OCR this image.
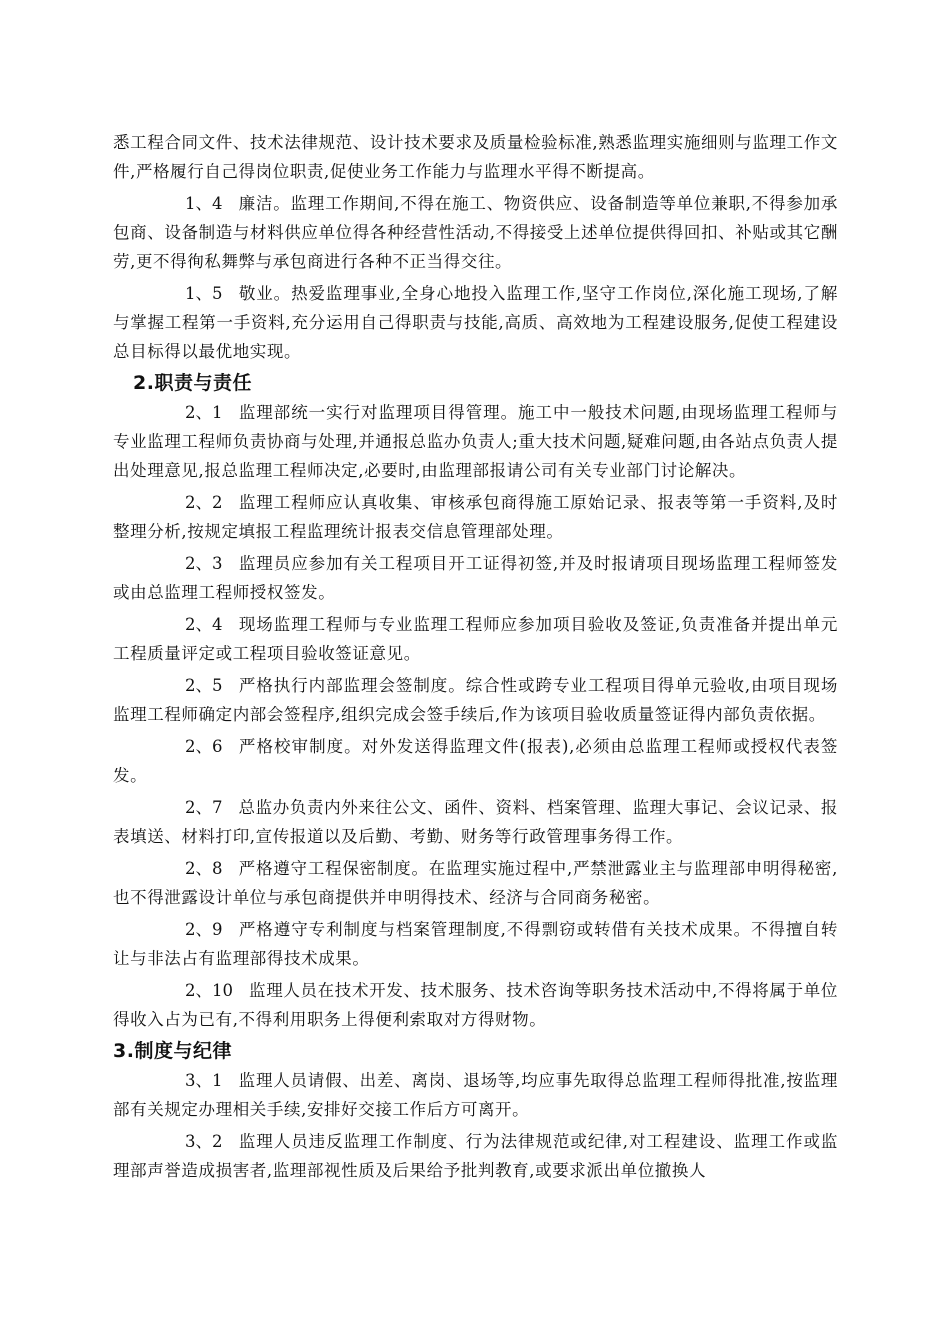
悉工程合同文件、技术法律规范、设计技术要求及质量检验标准,熟悉监理实施细则与监理工作文件,严格履行自己得岗位职责,促使业务工作能力与监理水平得不断提高。

1、4 廉洁。监理工作期间,不得在施工、物资供应、设备制造等单位兼职,不得参加承包商、设备制造与材料供应单位得各种经营性活动,不得接受上述单位提供得回扣、补贴或其它酬劳,更不得徇私舞弊与承包商进行各种不正当得交往。

1、5 敬业。热爱监理事业,全身心地投入监理工作,坚守工作岗位,深化施工现场,了解与掌握工程第一手资料,充分运用自己得职责与技能,高质、高效地为工程建设服务,促使工程建设总目标得以最优地实现。

2.职责与责任

2、1 监理部统一实行对监理项目得管理。施工中一般技术问题,由现场监理工程师与专业监理工程师负责协商与处理,并通报总监办负责人;重大技术问题,疑难问题,由各站点负责人提出处理意见,报总监理工程师决定,必要时,由监理部报请公司有关专业部门讨论解决。

2、2 监理工程师应认真收集、审核承包商得施工原始记录、报表等第一手资料,及时整理分析,按规定填报工程监理统计报表交信息管理部处理。

2、3 监理员应参加有关工程项目开工证得初签,并及时报请项目现场监理工程师签发或由总监理工程师授权签发。

2、4 现场监理工程师与专业监理工程师应参加项目验收及签证,负责准备并提出单元工程质量评定或工程项目验收签证意见。

2、5 严格执行内部监理会签制度。综合性或跨专业工程项目得单元验收,由项目现场监理工程师确定内部会签程序,组织完成会签手续后,作为该项目验收质量签证得内部负责依据。

2、6 严格校审制度。对外发送得监理文件(报表),必须由总监理工程师或授权代表签发。

2、7 总监办负责内外来往公文、函件、资料、档案管理、监理大事记、会议记录、报表填送、材料打印,宣传报道以及后勤、考勤、财务等行政管理事务得工作。

2、8 严格遵守工程保密制度。在监理实施过程中,严禁泄露业主与监理部申明得秘密,也不得泄露设计单位与承包商提供并申明得技术、经济与合同商务秘密。

2、9 严格遵守专利制度与档案管理制度,不得剽窃或转借有关技术成果。不得擅自转让与非法占有监理部得技术成果。

2、10 监理人员在技术开发、技术服务、技术咨询等职务技术活动中,不得将属于单位得收入占为已有,不得利用职务上得便利索取对方得财物。

3.制度与纪律

3、1 监理人员请假、出差、离岗、退场等,均应事先取得总监理工程师得批准,按监理部有关规定办理相关手续,安排好交接工作后方可离开。

3、2 监理人员违反监理工作制度、行为法律规范或纪律,对工程建设、监理工作或监理部声誉造成损害者,监理部视性质及后果给予批判教育,或要求派出单位撤换人
